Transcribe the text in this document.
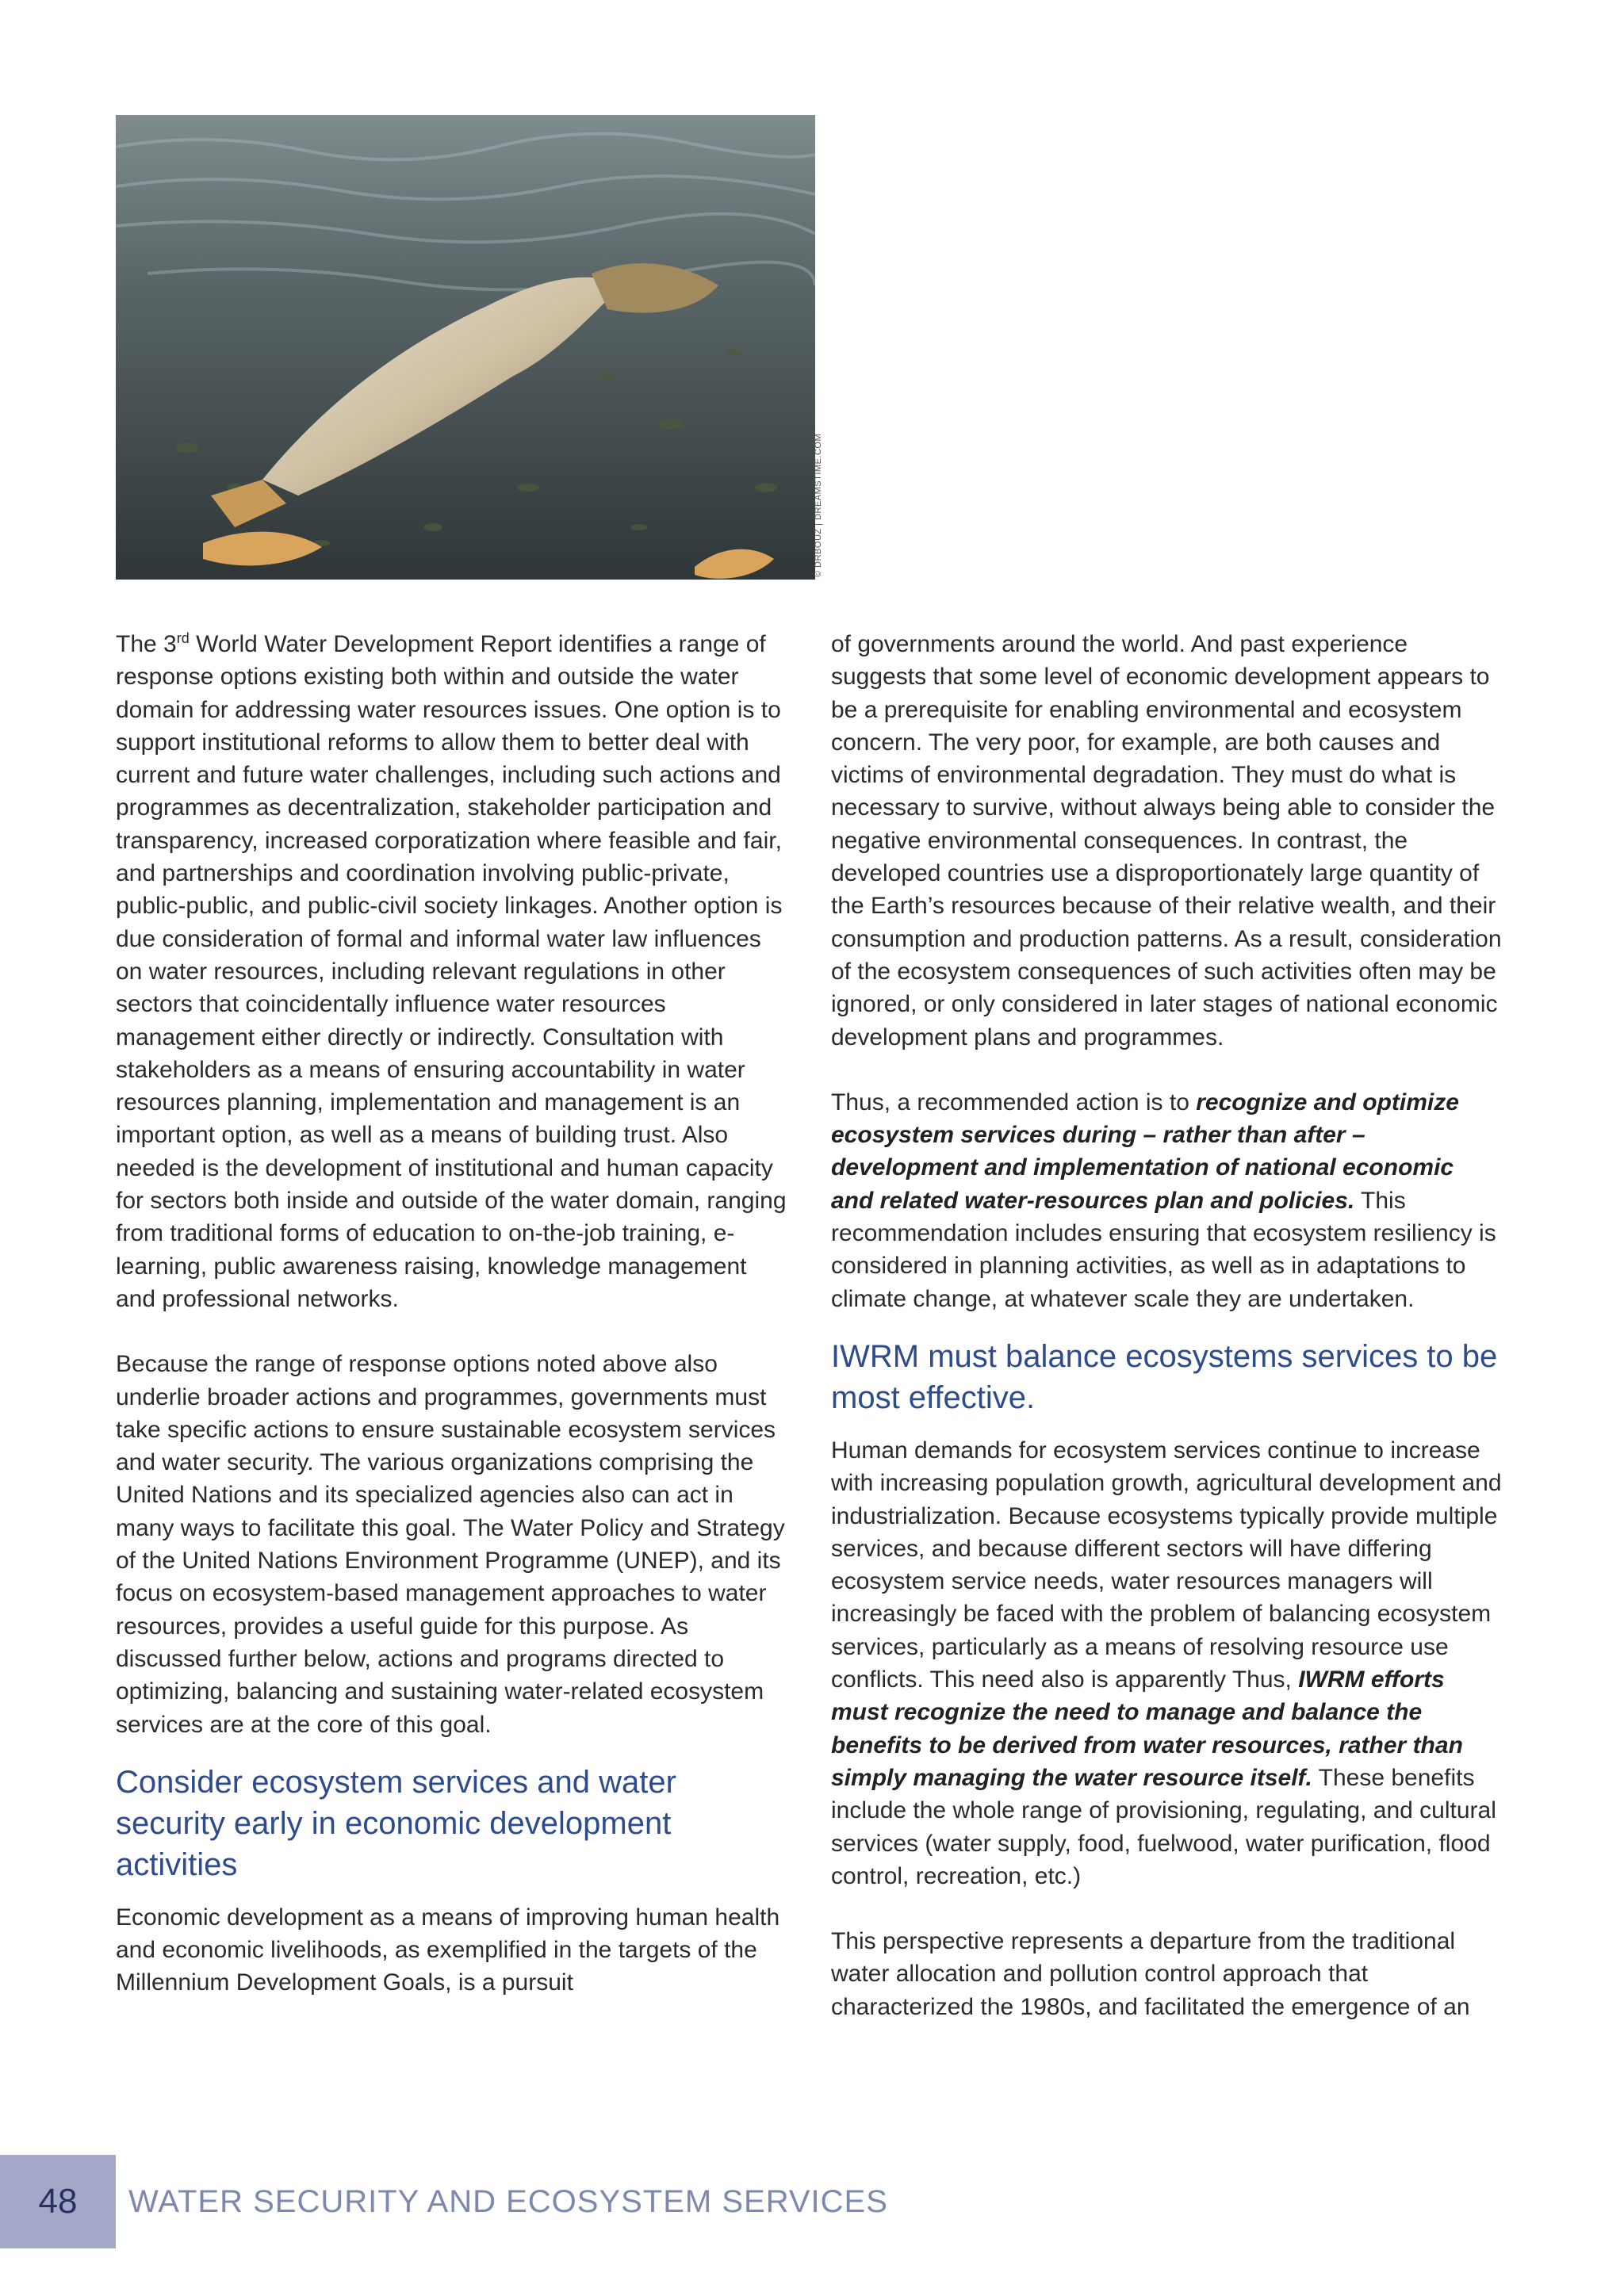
© DRBOUZ | DREAMSTIME.COM

The 3rd World Water Development Report identifies a range of response options existing both within and outside the water domain for addressing water resources issues. One option is to support institutional reforms to allow them to better deal with current and future water challenges, including such actions and programmes as decentralization, stakeholder participation and transparency, increased corporatization where feasible and fair, and partnerships and coordination involving public-private, public-public, and public-civil society linkages. Another option is due consideration of formal and informal water law influences on water resources, including relevant regulations in other sectors that coincidentally influence water resources management either directly or indirectly. Consultation with stakeholders as a means of ensuring accountability in water resources planning, implementation and management is an important option, as well as a means of building trust. Also needed is the development of institutional and human capacity for sectors both inside and outside of the water domain, ranging from traditional forms of education to on-the-job training, e-learning, public awareness raising, knowledge management and professional networks.

Because the range of response options noted above also underlie broader actions and programmes, governments must take specific actions to ensure sustainable ecosystem services and water security. The various organizations comprising the United Nations and its specialized agencies also can act in many ways to facilitate this goal. The Water Policy and Strategy of the United Nations Environment Programme (UNEP), and its focus on ecosystem-based management approaches to water resources, provides a useful guide for this purpose. As discussed further below, actions and programs directed to optimizing, balancing and sustaining water-related ecosystem services are at the core of this goal.

Consider ecosystem services and water security early in economic development activities

Economic development as a means of improving human health and economic livelihoods, as exemplified in the targets of the Millennium Development Goals, is a pursuit

of governments around the world. And past experience suggests that some level of economic development appears to be a prerequisite for enabling environmental and ecosystem concern. The very poor, for example, are both causes and victims of environmental degradation. They must do what is necessary to survive, without always being able to consider the negative environmental consequences. In contrast, the developed countries use a disproportionately large quantity of the Earth’s resources because of their relative wealth, and their consumption and production patterns. As a result, consideration of the ecosystem consequences of such activities often may be ignored, or only considered in later stages of national economic development plans and programmes.

Thus, a recommended action is to recognize and optimize ecosystem services during – rather than after – development and implementation of national economic and related water-resources plan and policies. This recommendation includes ensuring that ecosystem resiliency is considered in planning activities, as well as in adaptations to climate change, at whatever scale they are undertaken.

IWRM must balance ecosystems services to be most effective.

Human demands for ecosystem services continue to increase with increasing population growth, agricultural development and industrialization. Because ecosystems typically provide multiple services, and because different sectors will have differing ecosystem service needs, water resources managers will increasingly be faced with the problem of balancing ecosystem services, particularly as a means of resolving resource use conflicts. This need also is apparently Thus, IWRM efforts must recognize the need to manage and balance the benefits to be derived from water resources, rather than simply managing the water resource itself. These benefits include the whole range of provisioning, regulating, and cultural services (water supply, food, fuelwood, water purification, flood control, recreation, etc.)

This perspective represents a departure from the traditional water allocation and pollution control approach that characterized the 1980s, and facilitated the emergence of an

48	WATER SECURITY AND ECOSYSTEM SERVICES
